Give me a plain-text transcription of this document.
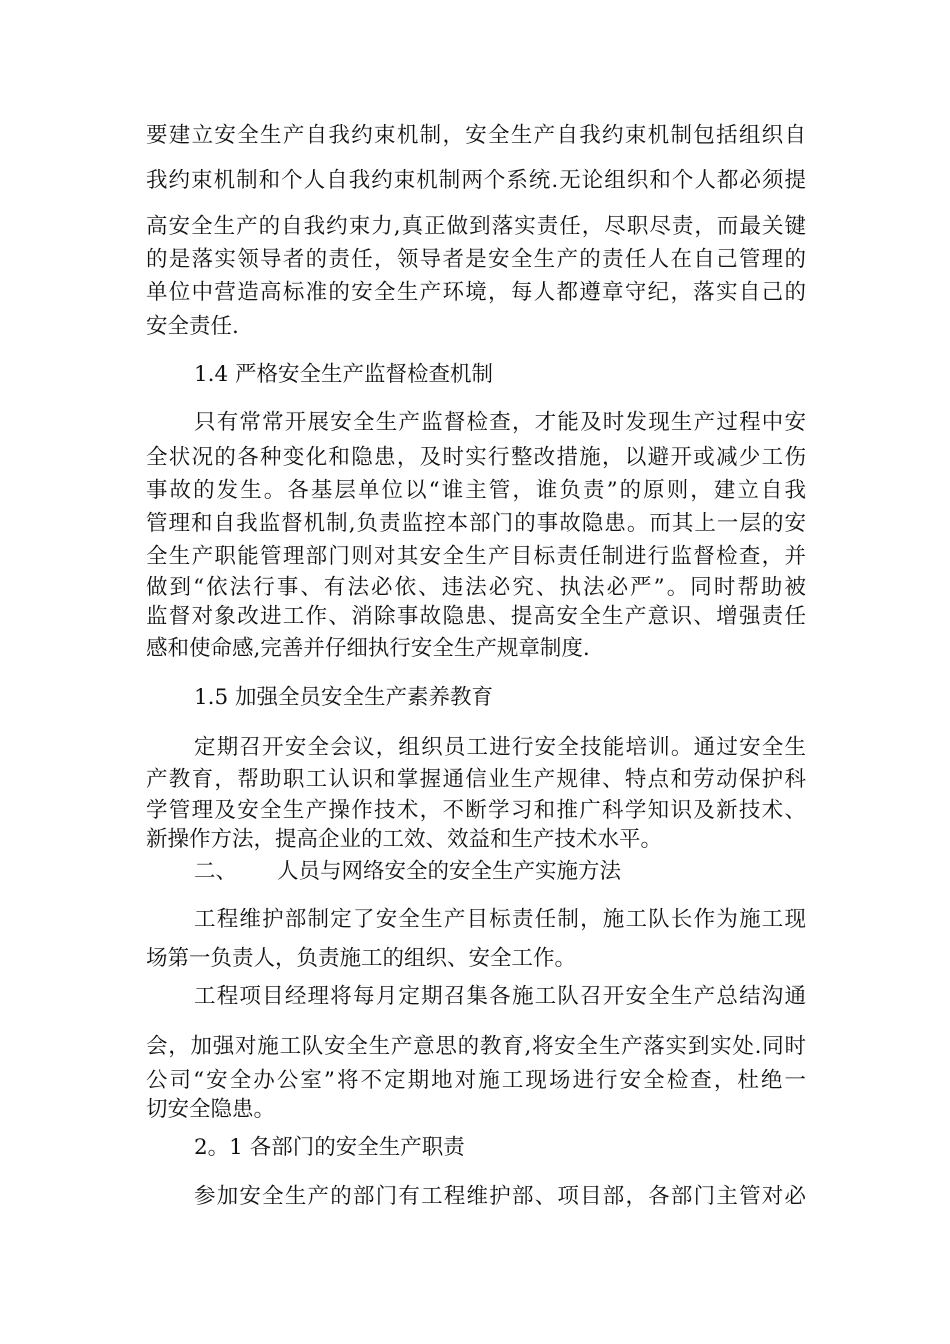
要建立安全生产自我约束机制，安全生产自我约束机制包括组织自
我约束机制和个人自我约束机制两个系统.无论组织和个人都必须提
高安全生产的自我约束力,真正做到落实责任，尽职尽责，而最关键
的是落实领导者的责任，领导者是安全生产的责任人在自己管理的
单位中营造高标准的安全生产环境，每人都遵章守纪，落实自己的
安全责任.
1.4 严格安全生产监督检查机制
只有常常开展安全生产监督检查，才能及时发现生产过程中安
全状况的各种变化和隐患，及时实行整改措施，以避开或减少工伤
事故的发生。各基层单位以“谁主管，谁负责”的原则，建立自我
管理和自我监督机制,负责监控本部门的事故隐患。而其上一层的安
全生产职能管理部门则对其安全生产目标责任制进行监督检查，并
做到“依法行事、有法必依、违法必究、执法必严”。同时帮助被
监督对象改进工作、消除事故隐患、提高安全生产意识、增强责任
感和使命感,完善并仔细执行安全生产规章制度.
1.5 加强全员安全生产素养教育
定期召开安全会议，组织员工进行安全技能培训。通过安全生
产教育，帮助职工认识和掌握通信业生产规律、特点和劳动保护科
学管理及安全生产操作技术，不断学习和推广科学知识及新技术、
新操作方法，提高企业的工效、效益和生产技术水平。
二、 人员与网络安全的安全生产实施方法
工程维护部制定了安全生产目标责任制，施工队长作为施工现
场第一负责人，负责施工的组织、安全工作。
工程项目经理将每月定期召集各施工队召开安全生产总结沟通
会，加强对施工队安全生产意思的教育,将安全生产落实到实处.同时
公司“安全办公室”将不定期地对施工现场进行安全检查，杜绝一
切安全隐患。
2。1 各部门的安全生产职责
参加安全生产的部门有工程维护部、项目部，各部门主管对必
